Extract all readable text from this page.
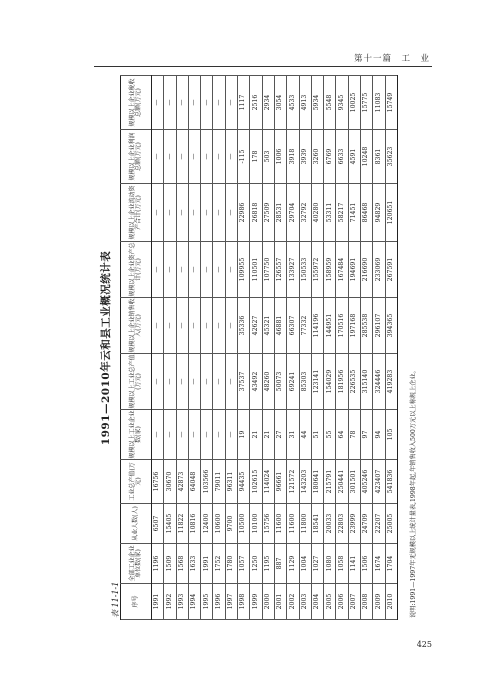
第十一篇　工　业
1991—2010年云和县工业概况统计表
表 11-1-1 序号	全部工业企业单位数(家)	从业人数(人)	工业总产值(万元)	规模以上工业企业数(家)	规模以上工业总产值(万元)	规模以上企业销售收入(万元)	规模以上企业资产总计(万元)	规模以上企业流动资产合计(万元)	规模以上企业利润总额(万元)	规模以上企业税收总额(万元)
1991	1196	6507	16756	—	—	—	—	—	—	—
1992	1509	15405	30670	—	—	—	—	—	—	—
1993	1568	11822	42873	—	—	—	—	—	—	—
1994	1633	10816	64048	—	—	—	—	—	—	—
1995	1991	12400	103566	—	—	—	—	—	—	—
1996	1752	10600	79011	—	—	—	—	—	—	—
1997	1780	9700	96311	—	—	—	—	—	—	—
1998	1057	10500	94435	19	37537	35336	109955	22986	-115	1117
1999	1250	10100	102615	21	43492	42627	110501	26818	178	2516
2000	1195	15756	114024	21	48260	45321	107750	27509	503	2934
2001	887	11600	96661	27	50073	46881	126557	28531	1006	3054
2002	1129	11600	121572	31	69241	66307	133927	29704	3918	4533
2003	1004	11800	143203	44	85303	77332	150533	32792	3939	4913
2004	1027	18541	180641	51	123141	114196	155972	40280	3260	5934
2005	1080	20033	215791	55	154029	144951	158959	53311	6769	5548
2006	1058	22803	250441	64	181956	170516	167484	58217	6633	9345
2007	1141	23999	301501	78	226535	197168	194691	71451	4591	10025
2008	1506	24709	405246	97	315140	285538	216690	86468	10248	15775
2009	1674	22207	423407	94	324446	296107	233069	94829	8361	11083
2010	1704	25005	541836	105	419283	394365	267591	120651	35623	15749
说明:1991—1997年无规模以上统计量表,1998年起,年销售收入500万元以上称规上企业。
425
